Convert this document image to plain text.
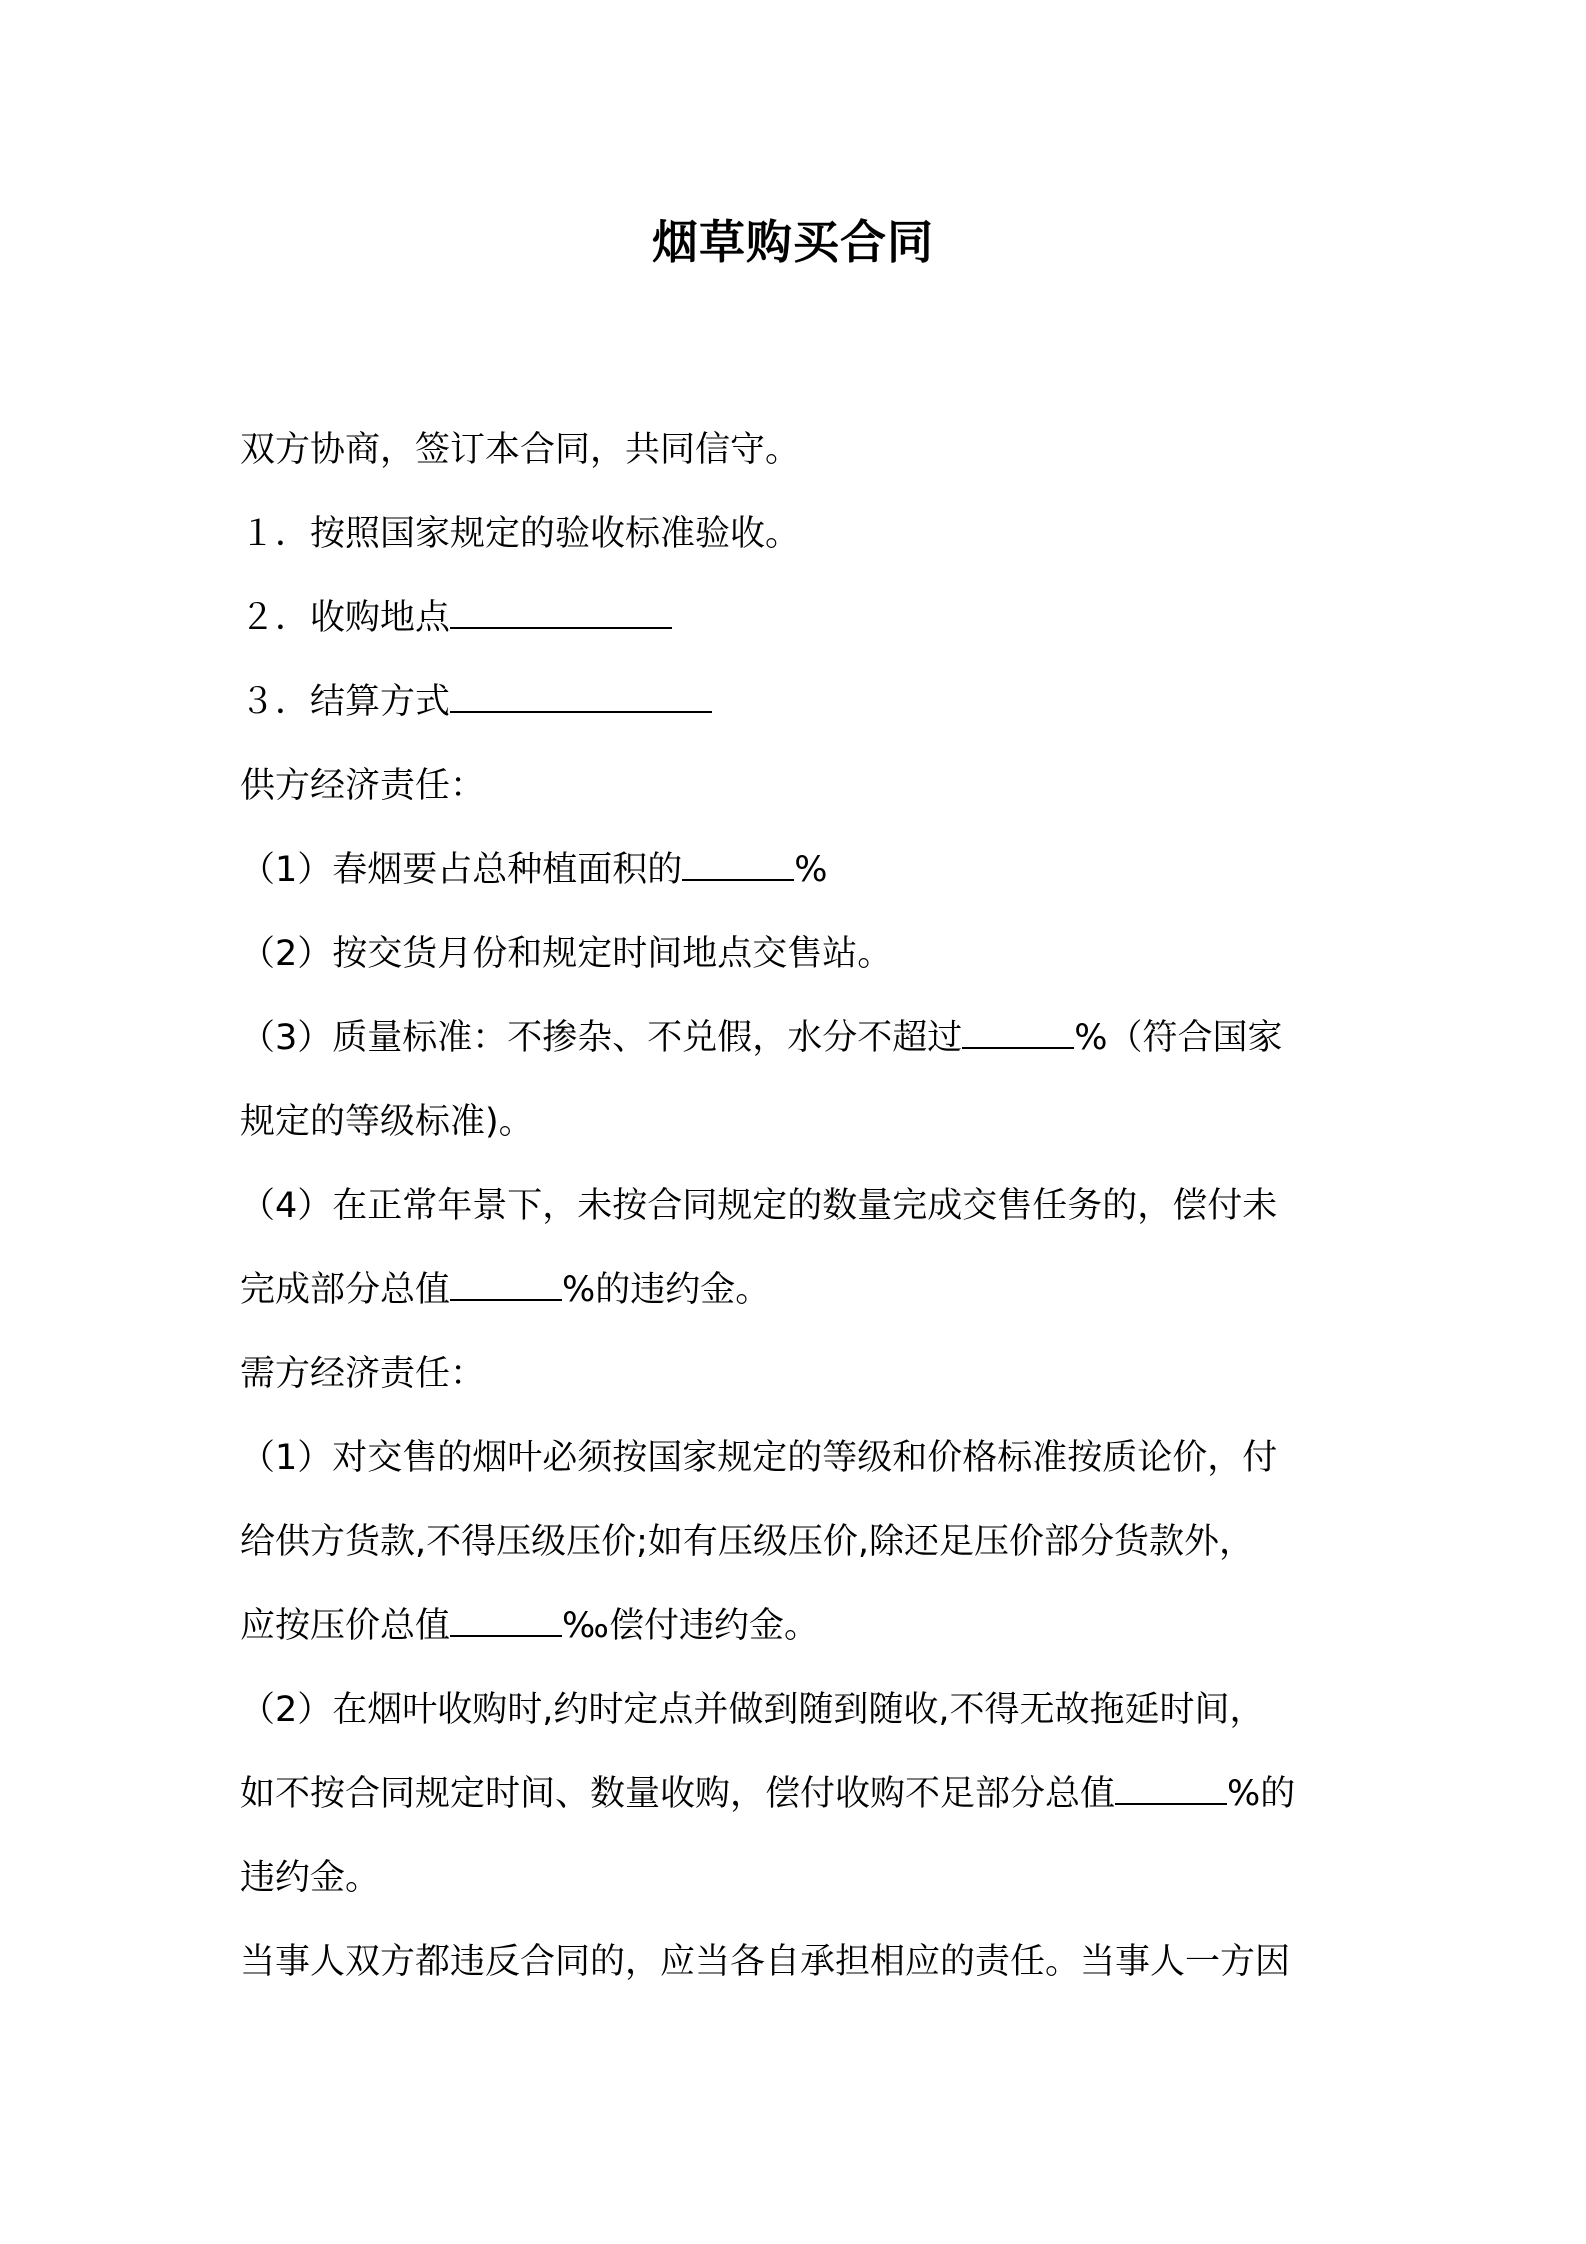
烟草购买合同
双方协商，签订本合同，共同信守。
１．按照国家规定的验收标准验收。
２．收购地点
３．结算方式
供方经济责任：
（1）春烟要占总种植面积的	%
（2）按交货月份和规定时间地点交售站。
（3）质量标准：不掺杂、不兑假，水分不超过	%（符合国家
规定的等级标准)。
（4）在正常年景下，未按合同规定的数量完成交售任务的，偿付未
完成部分总值	%的违约金。
需方经济责任：
（1）对交售的烟叶必须按国家规定的等级和价格标准按质论价，付
给供方货款,不得压级压价;如有压级压价,除还足压价部分货款外，
应按压价总值	‰偿付违约金。
（2）在烟叶收购时,约时定点并做到随到随收,不得无故拖延时间，
如不按合同规定时间、数量收购，偿付收购不足部分总值	%的
违约金。
当事人双方都违反合同的，应当各自承担相应的责任。当事人一方因
